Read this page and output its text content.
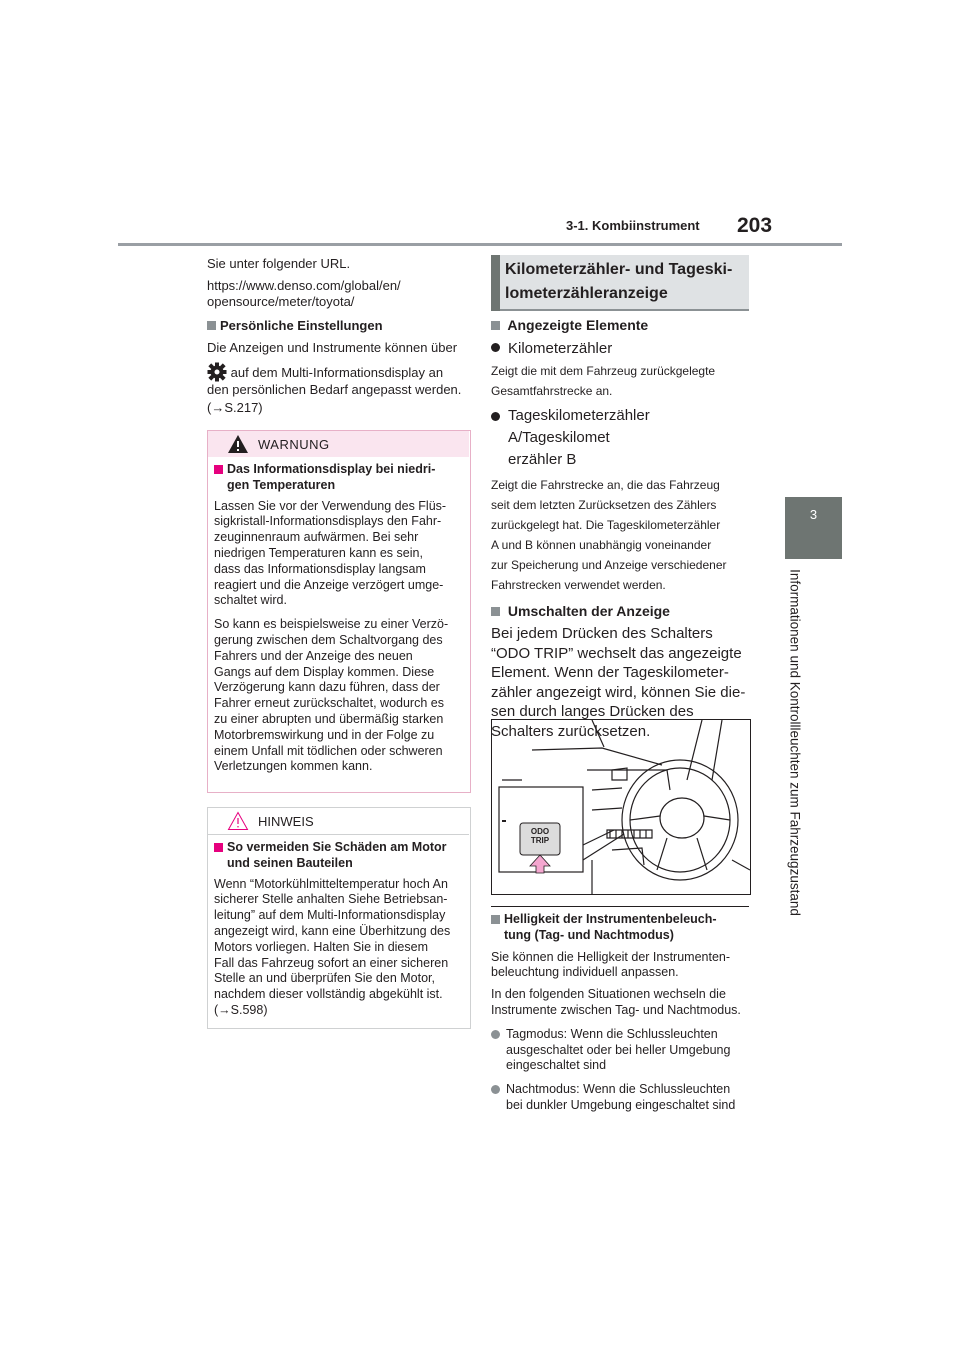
3-1. Kombiinstrument 203
3
Informationen und Kontrollleuchten zum Fahrzeugzustand

Sie unter folgender URL.

https://www.denso.com/global/en/
opensource/meter/toyota/

Persönliche Einstellungen

Die Anzeigen und Instrumente können über

auf dem Multi-Informationsdisplay an

den persönlichen Bedarf angepasst werden.

(→S.217)

WARNUNG
Das Informationsdisplay bei niedri-
gen Temperaturen
Lassen Sie vor der Verwendung des Flüs-
sigkristall-Informationsdisplays den Fahr-
zeuginnenraum aufwärmen. Bei sehr
niedrigen Temperaturen kann es sein,
dass das Informationsdisplay langsam
reagiert und die Anzeige verzögert umge-
schaltet wird.
So kann es beispielsweise zu einer Verzö-
gerung zwischen dem Schaltvorgang des
Fahrers und der Anzeige des neuen
Gangs auf dem Display kommen. Diese
Verzögerung kann dazu führen, dass der
Fahrer erneut zurückschaltet, wodurch es
zu einer abrupten und übermäßig starken
Motorbremswirkung und in der Folge zu
einem Unfall mit tödlichen oder schweren
Verletzungen kommen kann.
HINWEIS
So vermeiden Sie Schäden am Motor
und seinen Bauteilen
Wenn “Motorkühlmitteltemperatur hoch An
sicherer Stelle anhalten Siehe Betriebsan-
leitung” auf dem Multi-Informationsdisplay
angezeigt wird, kann eine Überhitzung des
Motors vorliegen. Halten Sie in diesem
Fall das Fahrzeug sofort an einer sicheren
Stelle an und überprüfen Sie den Motor,
nachdem dieser vollständig abgekühlt ist.
(→S.598)
Kilometerzähler- und Tageski-
lometerzähleranzeige
Angezeigte Elemente
Kilometerzähler
Zeigt die mit dem Fahrzeug zurückgelegte
Gesamtfahrstrecke an.
Tageskilometerzähler A/Tageskilomet
erzähler B
Zeigt die Fahrstrecke an, die das Fahrzeug
seit dem letzten Zurücksetzen des Zählers
zurückgelegt hat. Die Tageskilometerzähler
A und B können unabhängig voneinander
zur Speicherung und Anzeige verschiedener
Fahrstrecken verwendet werden.
Umschalten der Anzeige
Bei jedem Drücken des Schalters
“ODO TRIP” wechselt das angezeigte
Element. Wenn der Tageskilometer-
zähler angezeigt wird, können Sie die-
sen durch langes Drücken des
Schalters zurücksetzen.
ODO
TRIP
Helligkeit der Instrumentenbeleuch-
tung (Tag- und Nachtmodus)
Sie können die Helligkeit der Instrumenten-
beleuchtung individuell anpassen.
In den folgenden Situationen wechseln die
Instrumente zwischen Tag- und Nachtmodus.
Tagmodus: Wenn die Schlussleuchten
ausgeschaltet oder bei heller Umgebung
eingeschaltet sind
Nachtmodus: Wenn die Schlussleuchten
bei dunkler Umgebung eingeschaltet sind
